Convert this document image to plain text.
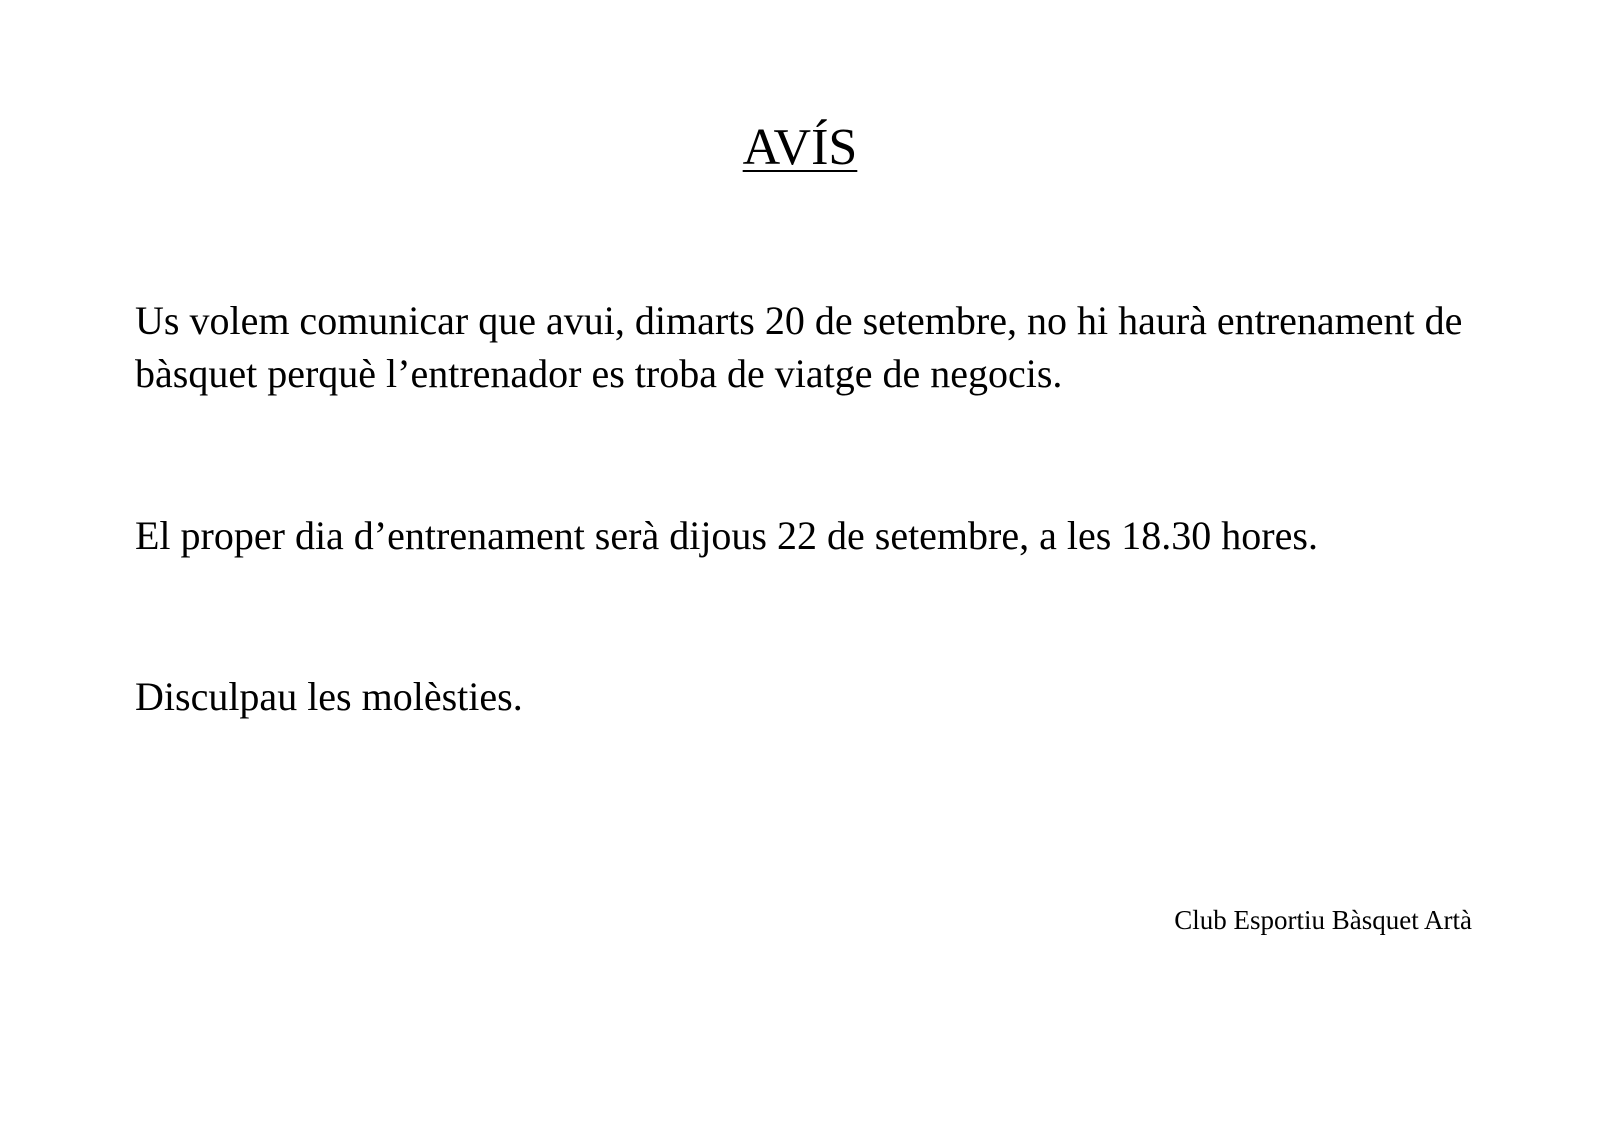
AVÍS

Us volem comunicar que avui, dimarts 20 de setembre, no hi haurà entrenament de bàsquet perquè l’entrenador es troba de viatge de negocis.

El proper dia d’entrenament serà dijous 22 de setembre, a les 18.30 hores.

Disculpau les molèsties.

Club Esportiu Bàsquet Artà
